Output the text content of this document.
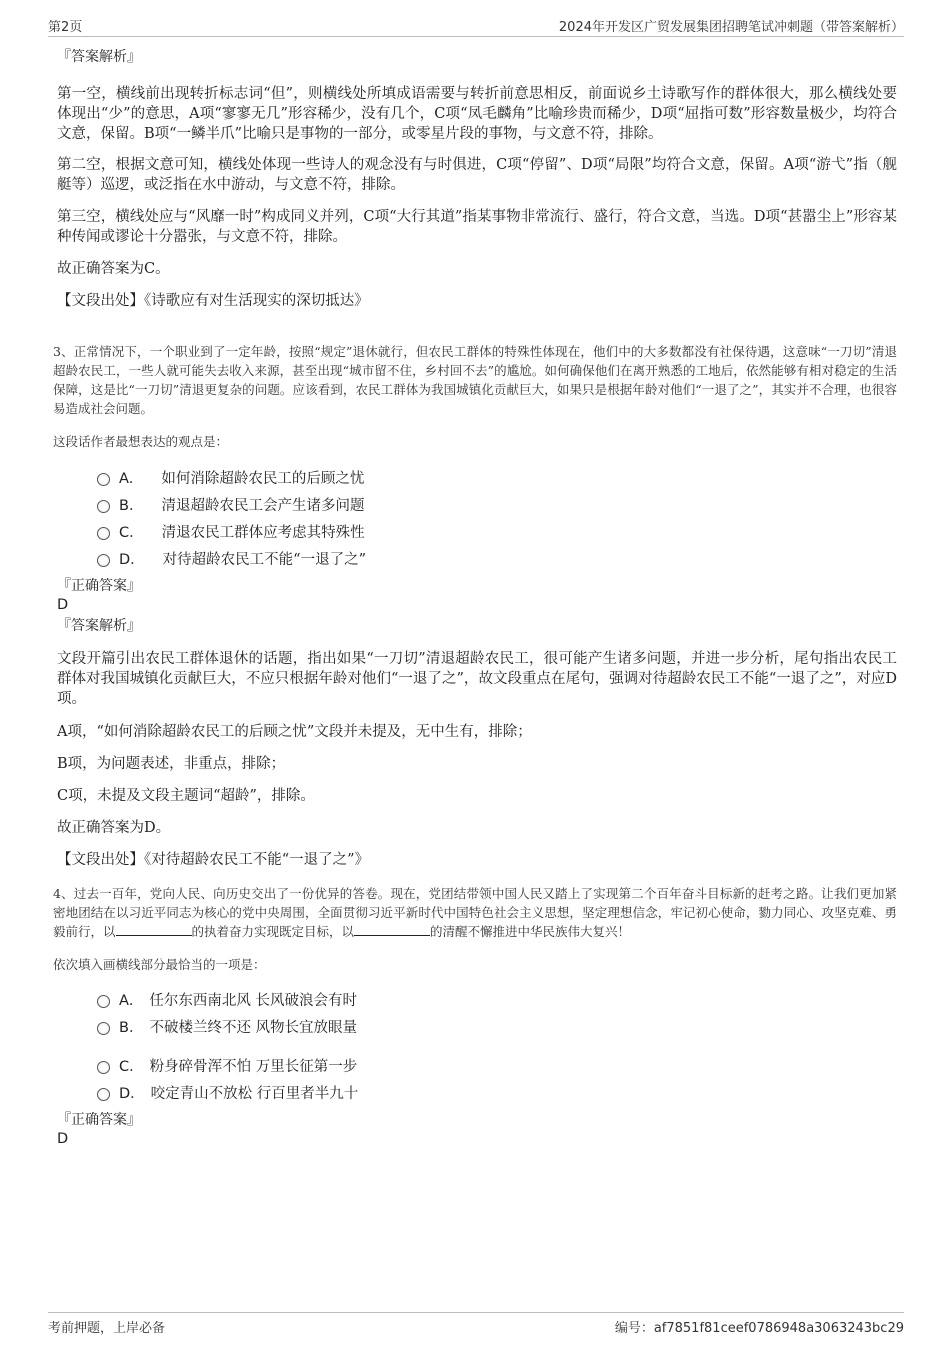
第2页	2024年开发区广贸发展集团招聘笔试冲刺题（带答案解析）

『答案解析』

第一空，横线前出现转折标志词“但”，则横线处所填成语需要与转折前意思相反，前面说乡土诗歌写作的群体很大，那么横线处要体现出“少”的意思，A项“寥寥无几”形容稀少，没有几个，C项“凤毛麟角”比喻珍贵而稀少，D项“屈指可数”形容数量极少，均符合文意，保留。B项“一鳞半爪”比喻只是事物的一部分，或零星片段的事物，与文意不符，排除。

第二空，根据文意可知，横线处体现一些诗人的观念没有与时俱进，C项“停留”、D项“局限”均符合文意，保留。A项“游弋”指（舰艇等）巡逻，或泛指在水中游动，与文意不符，排除。

第三空，横线处应与“风靡一时”构成同义并列，C项“大行其道”指某事物非常流行、盛行，符合文意，当选。D项“甚嚣尘上”形容某种传闻或谬论十分嚣张，与文意不符，排除。

故正确答案为C。

【文段出处】《诗歌应有对生活现实的深切抵达》

3、正常情况下，一个职业到了一定年龄，按照“规定”退休就行，但农民工群体的特殊性体现在，他们中的大多数都没有社保待遇，这意味“一刀切”清退超龄农民工，一些人就可能失去收入来源，甚至出现“城市留不住，乡村回不去”的尴尬。如何确保他们在离开熟悉的工地后，依然能够有相对稳定的生活保障，这是比“一刀切”清退更复杂的问题。应该看到，农民工群体为我国城镇化贡献巨大，如果只是根据年龄对他们“一退了之”，其实并不合理，也很容易造成社会问题。

这段话作者最想表达的观点是：

A． 如何消除超龄农民工的后顾之忧
B． 清退超龄农民工会产生诸多问题
C． 清退农民工群体应考虑其特殊性
D． 对待超龄农民工不能“一退了之”

『正确答案』

D

『答案解析』

文段开篇引出农民工群体退休的话题，指出如果“一刀切”清退超龄农民工，很可能产生诸多问题，并进一步分析，尾句指出农民工群体对我国城镇化贡献巨大，不应只根据年龄对他们“一退了之”，故文段重点在尾句，强调对待超龄农民工不能“一退了之”，对应D项。

A项，“如何消除超龄农民工的后顾之忧”文段并未提及，无中生有，排除；

B项，为问题表述，非重点，排除；

C项，未提及文段主题词“超龄”，排除。

故正确答案为D。

【文段出处】《对待超龄农民工不能“一退了之”》

4、过去一百年，党向人民、向历史交出了一份优异的答卷。现在，党团结带领中国人民又踏上了实现第二个百年奋斗目标新的赶考之路。让我们更加紧密地团结在以习近平同志为核心的党中央周围，全面贯彻习近平新时代中国特色社会主义思想，坚定理想信念，牢记初心使命，勠力同心、攻坚克难、勇毅前行，以	的执着奋力实现既定目标，以	的清醒不懈推进中华民族伟大复兴！

依次填入画横线部分最恰当的一项是：

A． 任尔东西南北风 长风破浪会有时
B． 不破楼兰终不还 风物长宜放眼量
C． 粉身碎骨浑不怕 万里长征第一步
D． 咬定青山不放松 行百里者半九十

『正确答案』

D

考前押题，上岸必备	编号：af7851f81ceef0786948a3063243bc29
